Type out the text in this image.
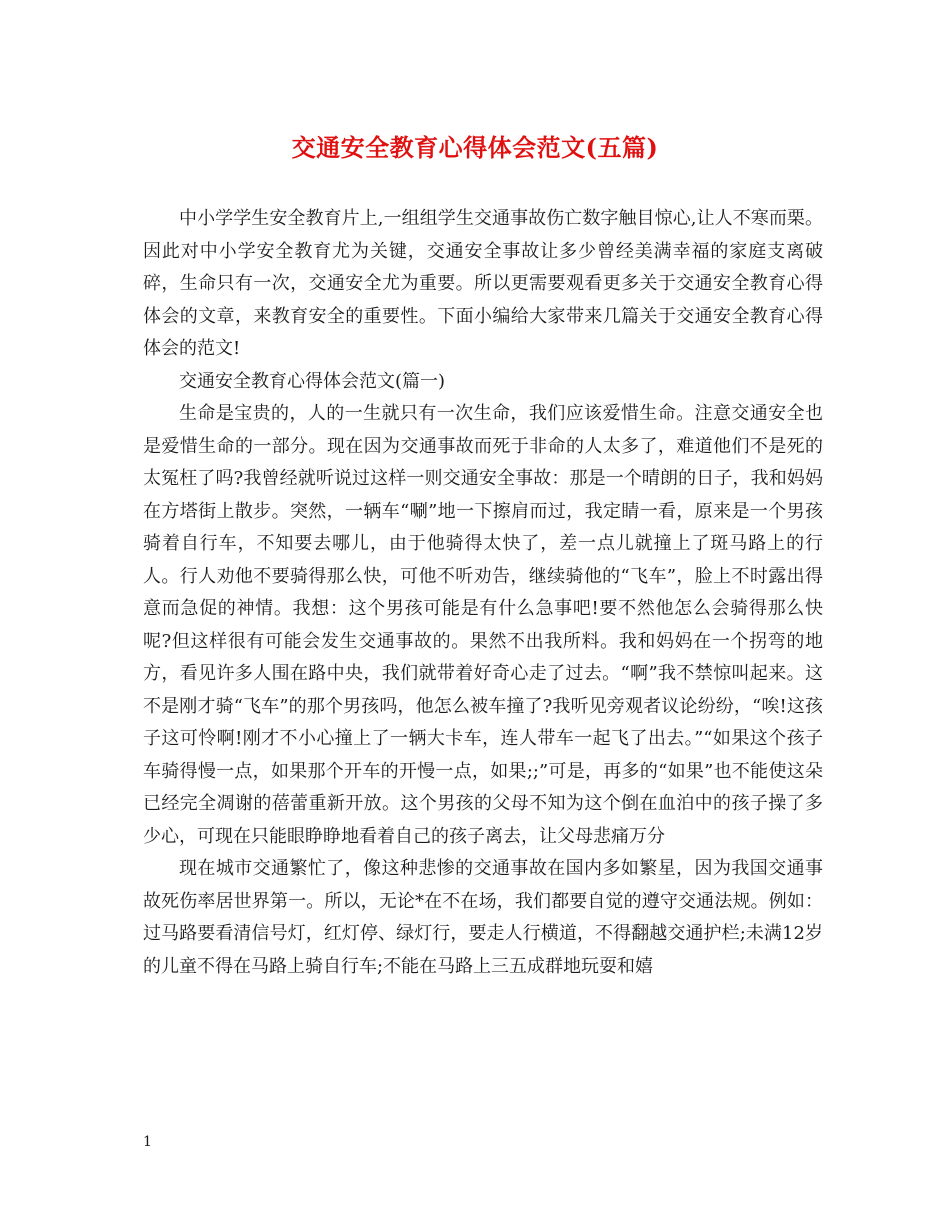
交通安全教育心得体会范文(五篇)

中小学学生安全教育片上,一组组学生交通事故伤亡数字触目惊心,让人不寒而栗。因此对中小学安全教育尤为关键，交通安全事故让多少曾经美满幸福的家庭支离破碎，生命只有一次，交通安全尤为重要。所以更需要观看更多关于交通安全教育心得体会的文章，来教育安全的重要性。下面小编给大家带来几篇关于交通安全教育心得体会的范文!

交通安全教育心得体会范文(篇一)

生命是宝贵的，人的一生就只有一次生命，我们应该爱惜生命。注意交通安全也是爱惜生命的一部分。现在因为交通事故而死于非命的人太多了，难道他们不是死的太冤枉了吗?我曾经就听说过这样一则交通安全事故：那是一个晴朗的日子，我和妈妈在方塔街上散步。突然，一辆车“唰”地一下擦肩而过，我定睛一看，原来是一个男孩骑着自行车，不知要去哪儿，由于他骑得太快了，差一点儿就撞上了斑马路上的行人。行人劝他不要骑得那么快，可他不听劝告，继续骑他的“飞车”，脸上不时露出得意而急促的神情。我想：这个男孩可能是有什么急事吧!要不然他怎么会骑得那么快呢?但这样很有可能会发生交通事故的。果然不出我所料。我和妈妈在一个拐弯的地方，看见许多人围在路中央，我们就带着好奇心走了过去。“啊”我不禁惊叫起来。这不是刚才骑“飞车”的那个男孩吗，他怎么被车撞了?我听见旁观者议论纷纷，“唉!这孩子这可怜啊!刚才不小心撞上了一辆大卡车，连人带车一起飞了出去。”“如果这个孩子车骑得慢一点，如果那个开车的开慢一点，如果;;”可是，再多的“如果”也不能使这朵已经完全凋谢的蓓蕾重新开放。这个男孩的父母不知为这个倒在血泊中的孩子操了多少心，可现在只能眼睁睁地看着自己的孩子离去，让父母悲痛万分

现在城市交通繁忙了，像这种悲惨的交通事故在国内多如繁星，因为我国交通事故死伤率居世界第一。所以，无论*在不在场，我们都要自觉的遵守交通法规。例如：过马路要看清信号灯，红灯停、绿灯行，要走人行横道，不得翻越交通护栏;未满12岁的儿童不得在马路上骑自行车;不能在马路上三五成群地玩耍和嬉

1
